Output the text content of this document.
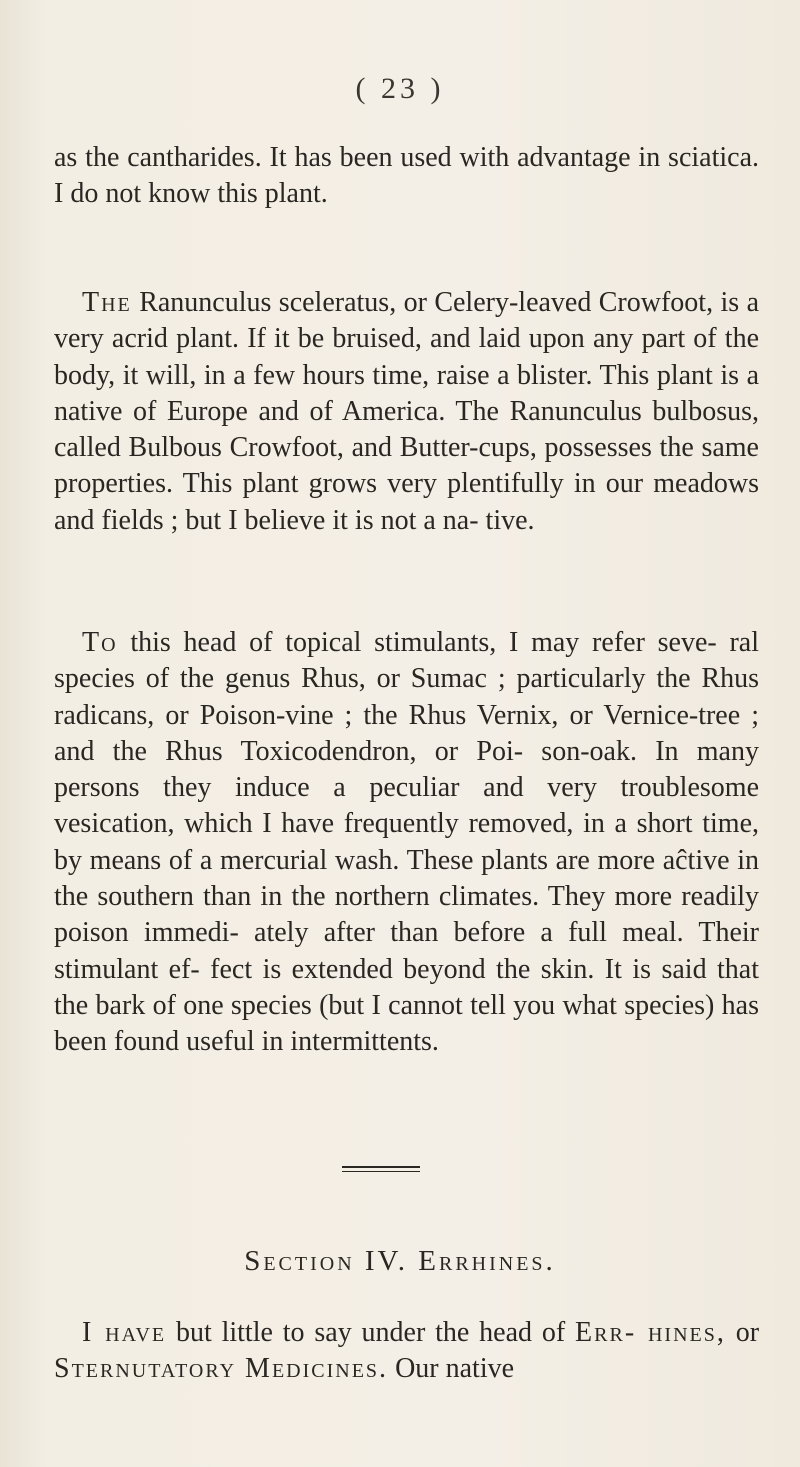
( 23 )
as the cantharides. It has been used with advantage in sciatica. I do not know this plant.
The Ranunculus sceleratus, or Celery-leaved Crowfoot, is a very acrid plant. If it be bruised, and laid upon any part of the body, it will, in a few hours time, raise a blister. This plant is a native of Europe and of America. The Ranunculus bulbosus, called Bulbous Crowfoot, and Butter-cups, possesses the same properties. This plant grows very plentifully in our meadows and fields ; but I believe it is not a na- tive.
To this head of topical stimulants, I may refer seve- ral species of the genus Rhus, or Sumac ; particularly the Rhus radicans, or Poison-vine ; the Rhus Vernix, or Vernice-tree ; and the Rhus Toxicodendron, or Poi- son-oak. In many persons they induce a peculiar and very troublesome vesication, which I have frequently removed, in a short time, by means of a mercurial wash. These plants are more aĉtive in the southern than in the northern climates. They more readily poison immedi- ately after than before a full meal. Their stimulant ef- fect is extended beyond the skin. It is said that the bark of one species (but I cannot tell you what species) has been found useful in intermittents.
Section IV. Errhines.
I have but little to say under the head of Err- hines, or Sternutatory Medicines. Our native
